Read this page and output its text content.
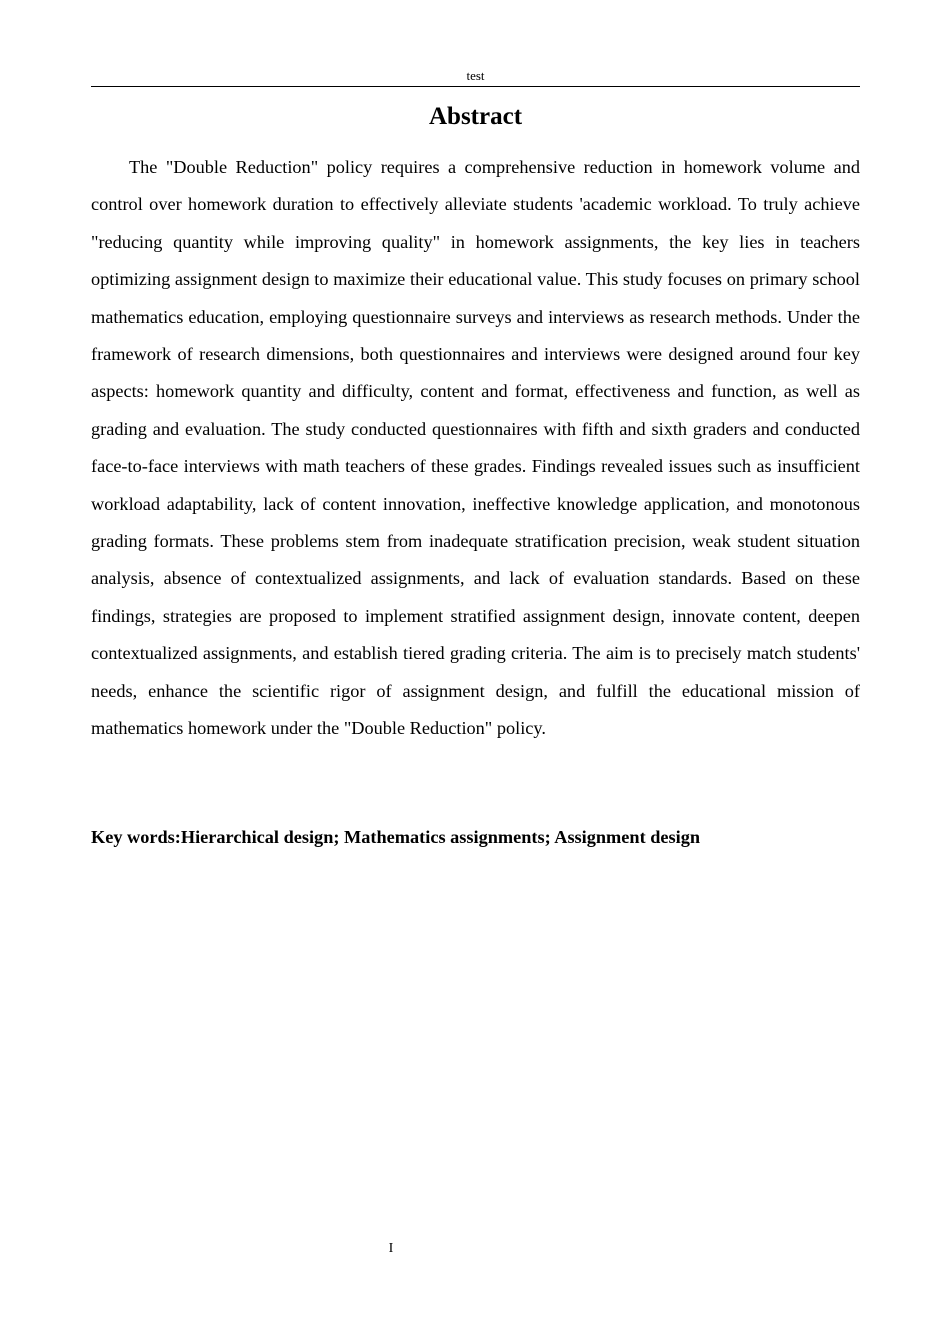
test
Abstract

The "Double Reduction" policy requires a comprehensive reduction in homework volume and control over homework duration to effectively alleviate students 'academic workload. To truly achieve "reducing quantity while improving quality" in homework assignments, the key lies in teachers optimizing assignment design to maximize their educational value. This study focuses on primary school mathematics education, employing questionnaire surveys and interviews as research methods. Under the framework of research dimensions, both questionnaires and interviews were designed around four key aspects: homework quantity and difficulty, content and format, effectiveness and function, as well as grading and evaluation. The study conducted questionnaires with fifth and sixth graders and conducted face-to-face interviews with math teachers of these grades. Findings revealed issues such as insufficient workload adaptability, lack of content innovation, ineffective knowledge application, and monotonous grading formats. These problems stem from inadequate stratification precision, weak student situation analysis, absence of contextualized assignments, and lack of evaluation standards. Based on these findings, strategies are proposed to implement stratified assignment design, innovate content, deepen contextualized assignments, and establish tiered grading criteria. The aim is to precisely match students' needs, enhance the scientific rigor of assignment design, and fulfill the educational mission of mathematics homework under the "Double Reduction" policy.

Key words:Hierarchical design; Mathematics assignments; Assignment design

I
